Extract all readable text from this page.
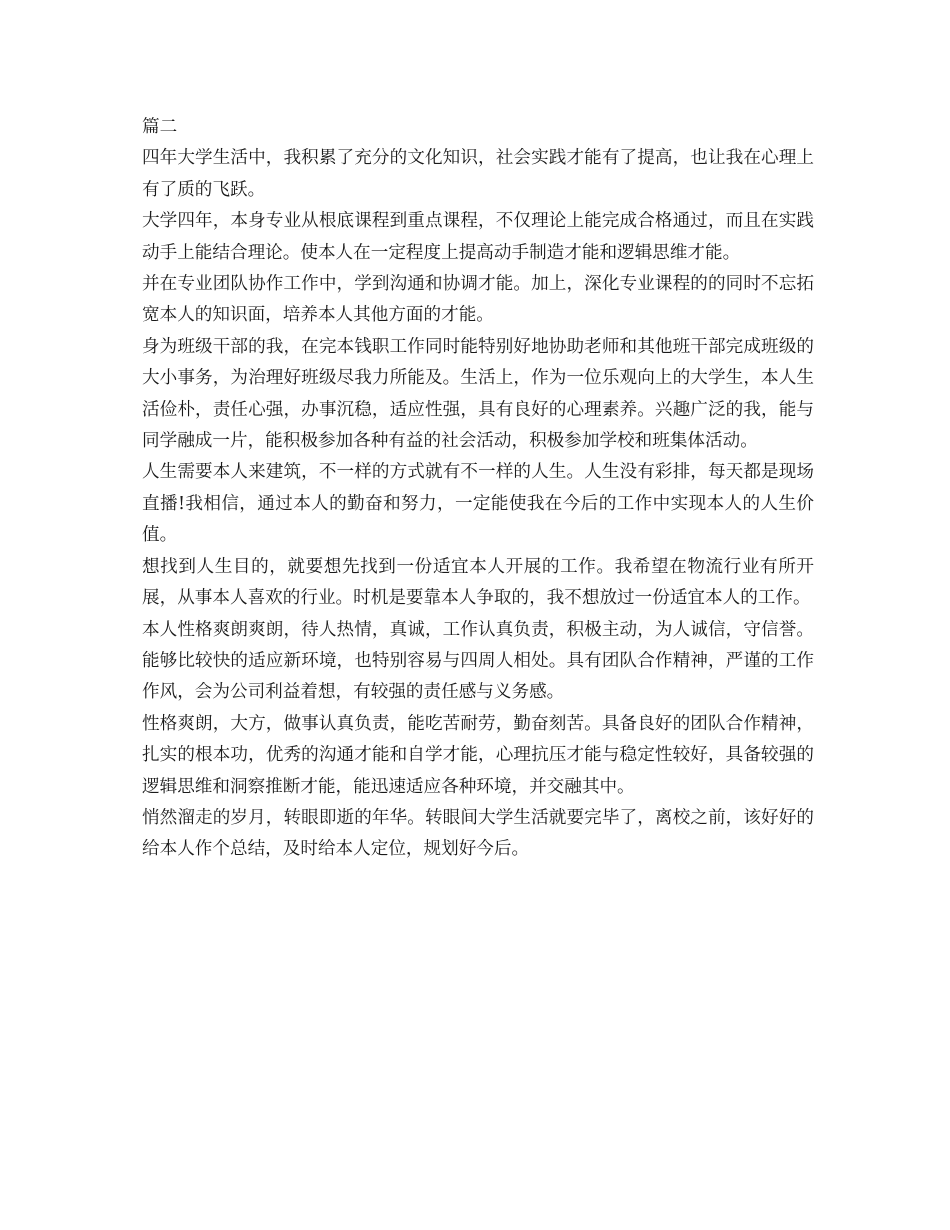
篇二

四年大学生活中，我积累了充分的文化知识，社会实践才能有了提高，也让我在心理上有了质的飞跃。

大学四年，本身专业从根底课程到重点课程，不仅理论上能完成合格通过，而且在实践动手上能结合理论。使本人在一定程度上提高动手制造才能和逻辑思维才能。

并在专业团队协作工作中，学到沟通和协调才能。加上，深化专业课程的的同时不忘拓宽本人的知识面，培养本人其他方面的才能。

身为班级干部的我，在完本钱职工作同时能特别好地协助老师和其他班干部完成班级的大小事务，为治理好班级尽我力所能及。生活上，作为一位乐观向上的大学生，本人生活俭朴，责任心强，办事沉稳，适应性强，具有良好的心理素养。兴趣广泛的我，能与同学融成一片，能积极参加各种有益的社会活动，积极参加学校和班集体活动。

人生需要本人来建筑，不一样的方式就有不一样的人生。人生没有彩排，每天都是现场直播!我相信，通过本人的勤奋和努力，一定能使我在今后的工作中实现本人的人生价值。

想找到人生目的，就要想先找到一份适宜本人开展的工作。我希望在物流行业有所开展，从事本人喜欢的行业。时机是要靠本人争取的，我不想放过一份适宜本人的工作。

本人性格爽朗爽朗，待人热情，真诚，工作认真负责，积极主动，为人诚信，守信誉。能够比较快的适应新环境，也特别容易与四周人相处。具有团队合作精神，严谨的工作作风，会为公司利益着想，有较强的责任感与义务感。

性格爽朗，大方，做事认真负责，能吃苦耐劳，勤奋刻苦。具备良好的团队合作精神，扎实的根本功，优秀的沟通才能和自学才能，心理抗压才能与稳定性较好，具备较强的逻辑思维和洞察推断才能，能迅速适应各种环境，并交融其中。

悄然溜走的岁月，转眼即逝的年华。转眼间大学生活就要完毕了，离校之前，该好好的给本人作个总结，及时给本人定位，规划好今后。
